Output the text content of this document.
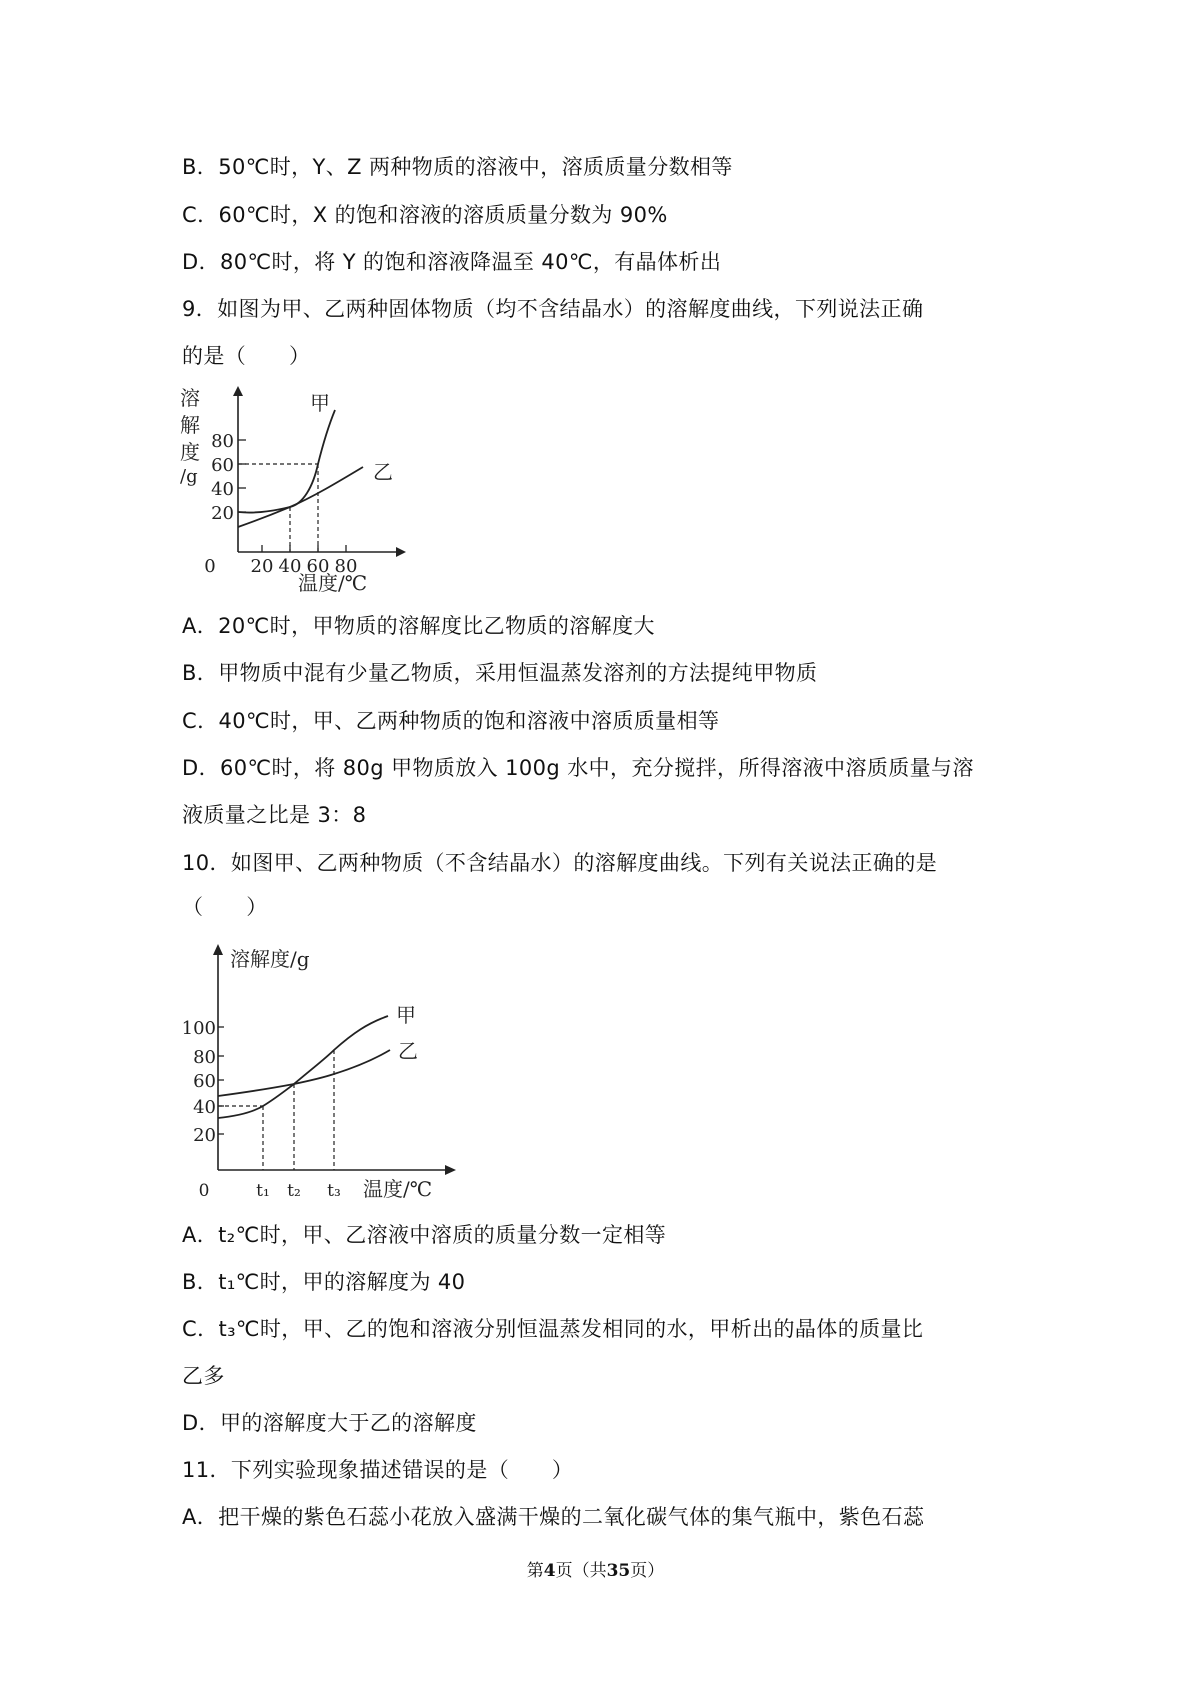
B．50℃时，Y、Z 两种物质的溶液中，溶质质量分数相等
C．60℃时，X 的饱和溶液的溶质质量分数为 90%
D．80℃时，将 Y 的饱和溶液降温至 40℃，有晶体析出
9．如图为甲、乙两种固体物质（均不含结晶水）的溶解度曲线，下列说法正确
的是（　　）
溶
解
度
/g
20
40
60
80
0 20 40 60 80
甲
乙
温度/℃
A．20℃时，甲物质的溶解度比乙物质的溶解度大
B．甲物质中混有少量乙物质，采用恒温蒸发溶剂的方法提纯甲物质
C．40℃时，甲、乙两种物质的饱和溶液中溶质质量相等
D．60℃时，将 80g 甲物质放入 100g 水中，充分搅拌，所得溶液中溶质质量与溶
液质量之比是 3：8
10．如图甲、乙两种物质（不含结晶水）的溶解度曲线。下列有关说法正确的是
（　　）
溶解度/g
20
40
60
80
100
0	t₁ t₂ t₃
甲
乙
温度/℃
A．t₂℃时，甲、乙溶液中溶质的质量分数一定相等
B．t₁℃时，甲的溶解度为 40
C．t₃℃时，甲、乙的饱和溶液分别恒温蒸发相同的水，甲析出的晶体的质量比
乙多
D．甲的溶解度大于乙的溶解度
11．下列实验现象描述错误的是（　　）
A．把干燥的紫色石蕊小花放入盛满干燥的二氧化碳气体的集气瓶中，紫色石蕊
第4页（共35页）
